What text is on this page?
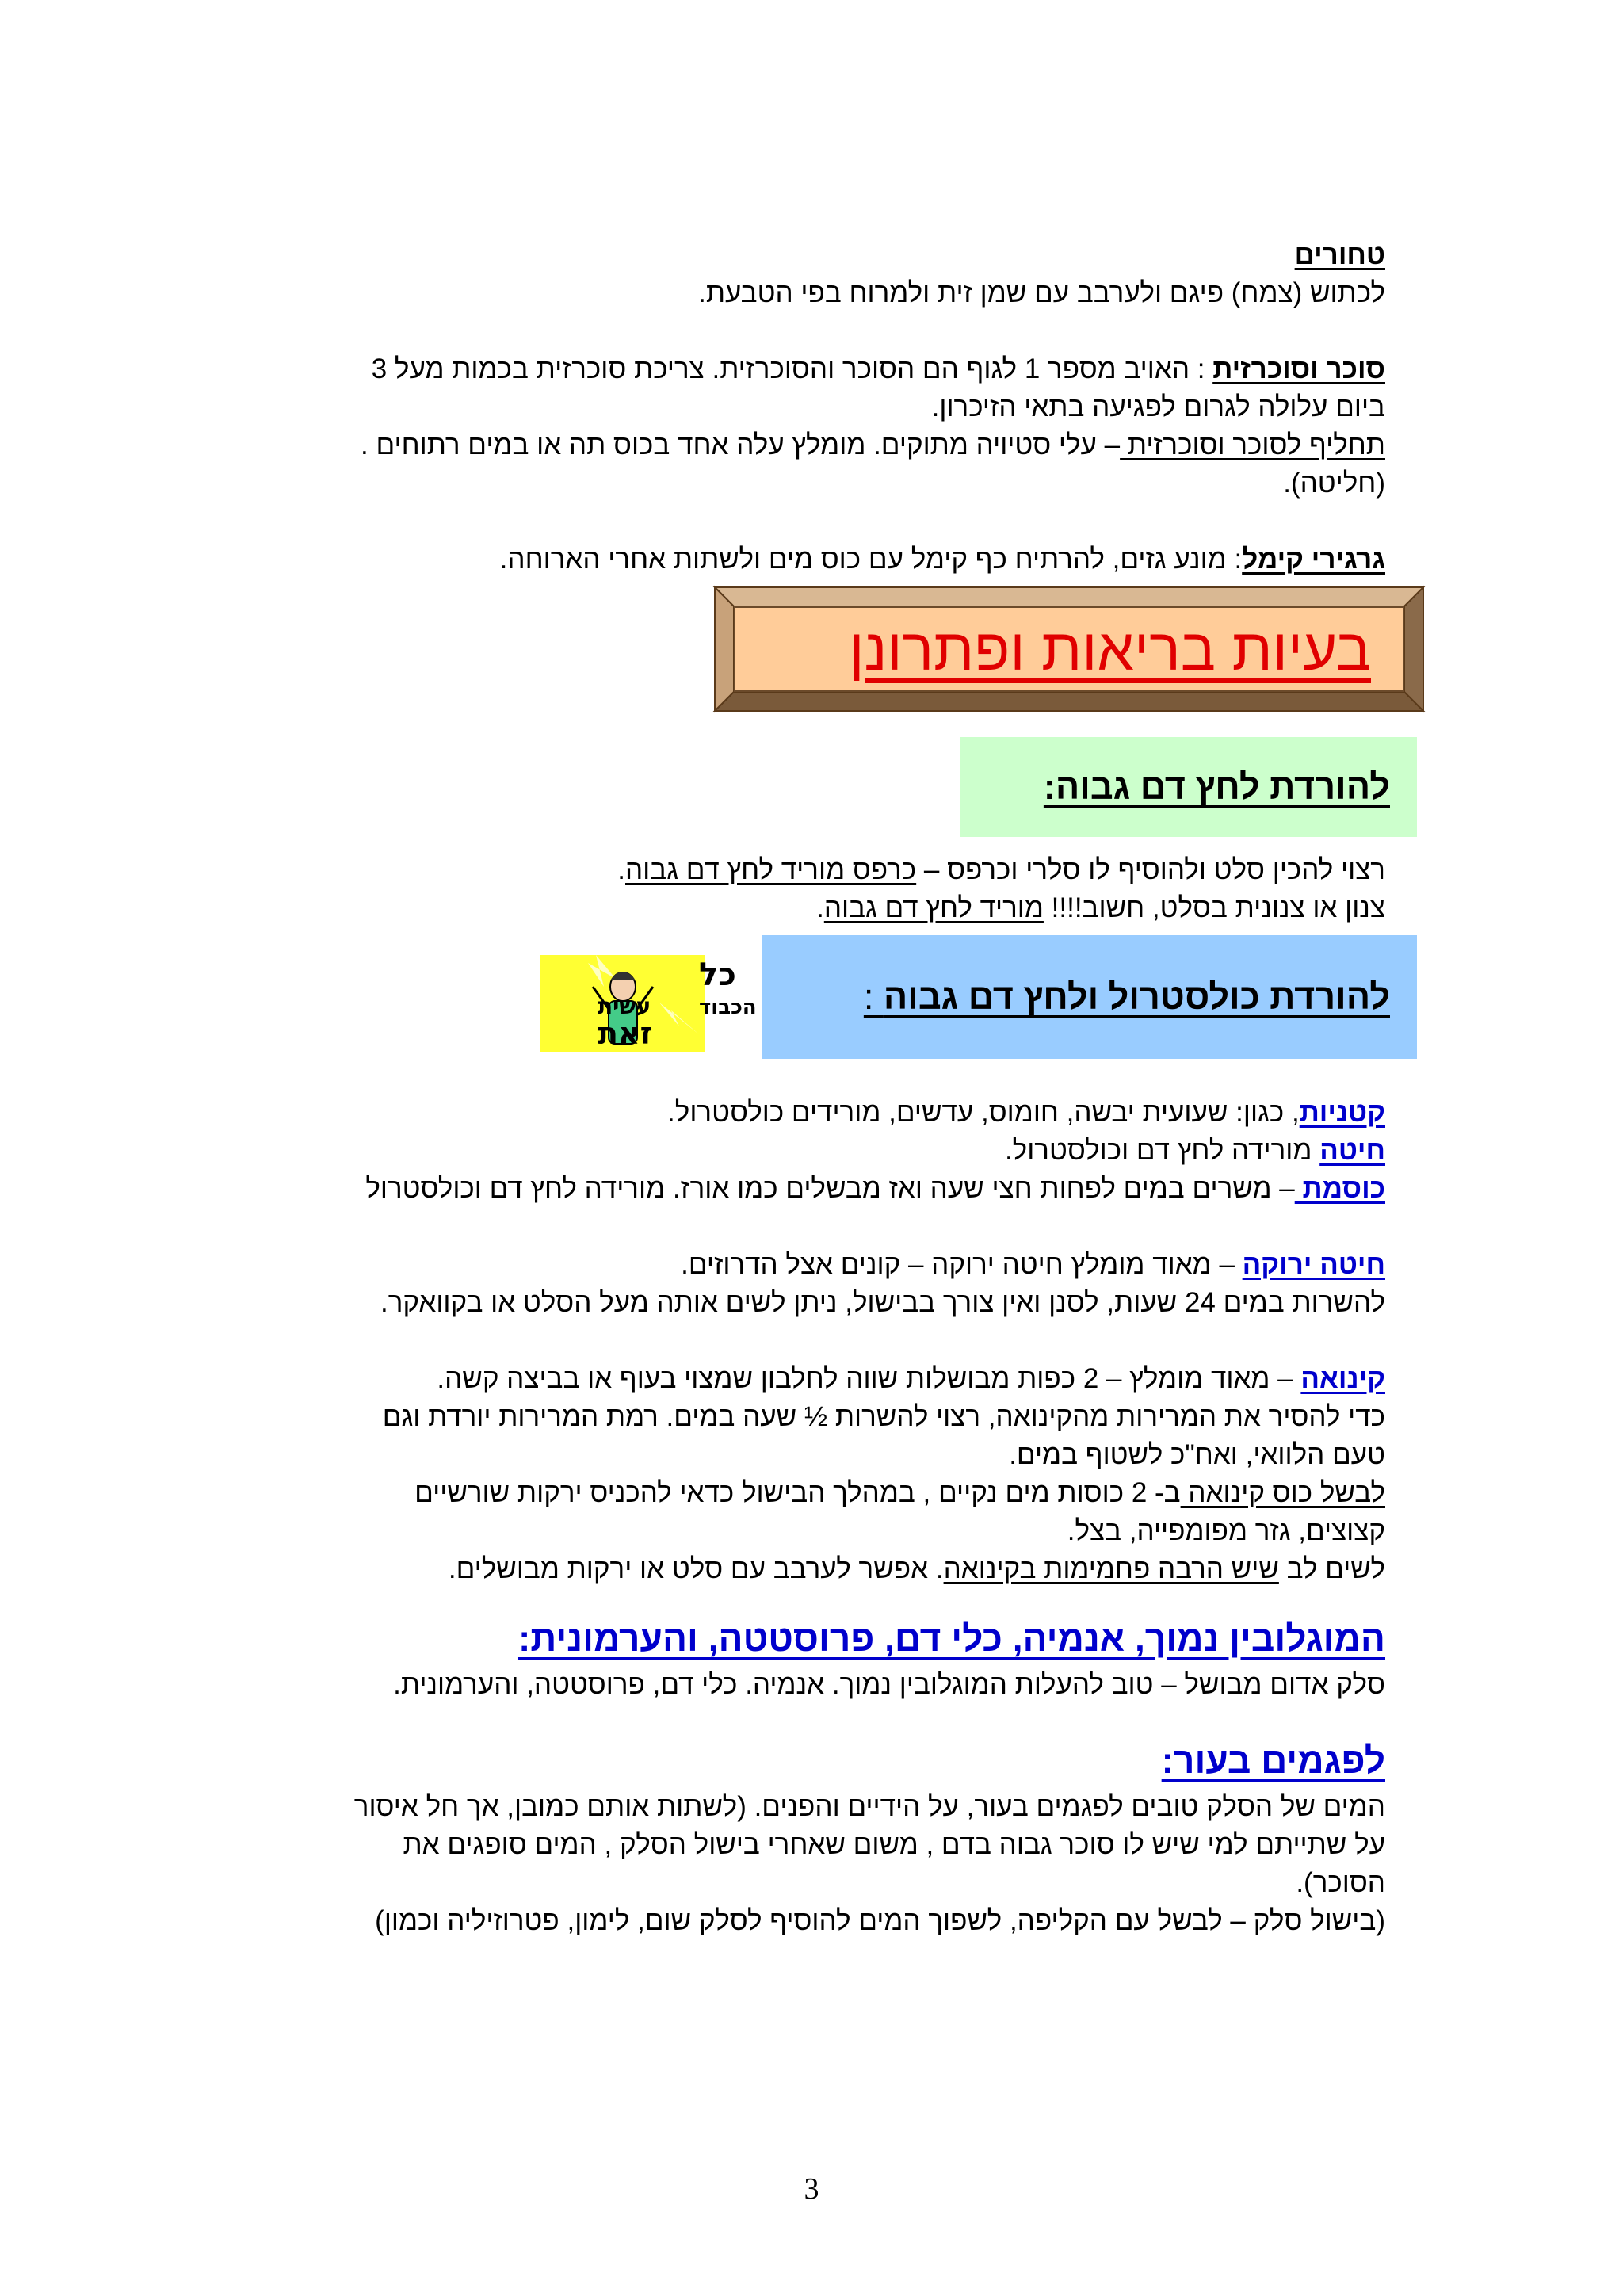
טחורים
לכתוש (צמח) פיגם ולערבב עם שמן זית ולמרוח בפי הטבעת.
סוכר וסוכרזית : האויב מספר 1 לגוף הם הסוכר והסוכרזית. צריכת סוכרזית בכמות מעל 3
ביום עלולה לגרום לפגיעה בתאי הזיכרון.
תחליף לסוכר וסוכרזית – עלי סטיויה מתוקים. מומלץ עלה אחד בכוס תה או במים רתוחים .
(חליטה).
גרגירי קימל: מונע גזים, להרתיח כף קימל עם כוס מים ולשתות אחרי הארוחה.
בעיות בריאות ופתרונן
להורדת לחץ דם גבוה:
רצוי להכין סלט ולהוסיף לו סלרי וכרפס – כרפס מוריד לחץ דם גבוה.
צנון או צנונית בסלט, חשוב!!!! מוריד לחץ דם גבוה.
להורדת כולסטרול ולחץ דם גבוה :
כל
הכבוד
עשית
זאת
קטניות, כגון: שעועית יבשה, חומוס, עדשים, מורידים כולסטרול.
חיטה מורידה לחץ דם וכולסטרול.
כוסמת – משרים במים לפחות חצי שעה ואז מבשלים כמו אורז. מורידה לחץ דם וכולסטרול
חיטה ירוקה – מאוד מומלץ חיטה ירוקה – קונים אצל הדרוזים.
להשרות במים 24 שעות, לסנן ואין צורך בבישול, ניתן לשים אותה מעל הסלט או בקוואקר.
קינואה – מאוד מומלץ – 2 כפות מבושלות שווה לחלבון שמצוי בעוף או בביצה קשה.
כדי להסיר את המרירות מהקינואה, רצוי להשרות ½ שעה במים. רמת המרירות יורדת וגם
טעם הלוואי, ואח"כ לשטוף במים.
לבשל כוס קינואה ב- 2 כוסות מים נקיים , במהלך הבישול כדאי להכניס ירקות שורשיים
קצוצים, גזר מפומפייה, בצל.
לשים לב שיש הרבה פחמימות בקינואה. אפשר לערבב עם סלט או ירקות מבושלים.
המוגלובין נמוך, אנמיה, כלי דם, פרוסטטה, והערמונית:
סלק אדום מבושל – טוב להעלות המוגלובין נמוך. אנמיה. כלי דם, פרוסטטה, והערמונית.
לפגמים בעור:
המים של הסלק טובים לפגמים בעור, על הידיים והפנים. (לשתות אותם כמובן, אך חל איסור
על שתייתם למי שיש לו סוכר גבוה בדם , משום שאחרי בישול הסלק , המים סופגים את
הסוכר).
(בישול סלק – לבשל עם הקליפה, לשפוך המים להוסיף לסלק שום, לימון, פטרוזיליה וכמון)
3
